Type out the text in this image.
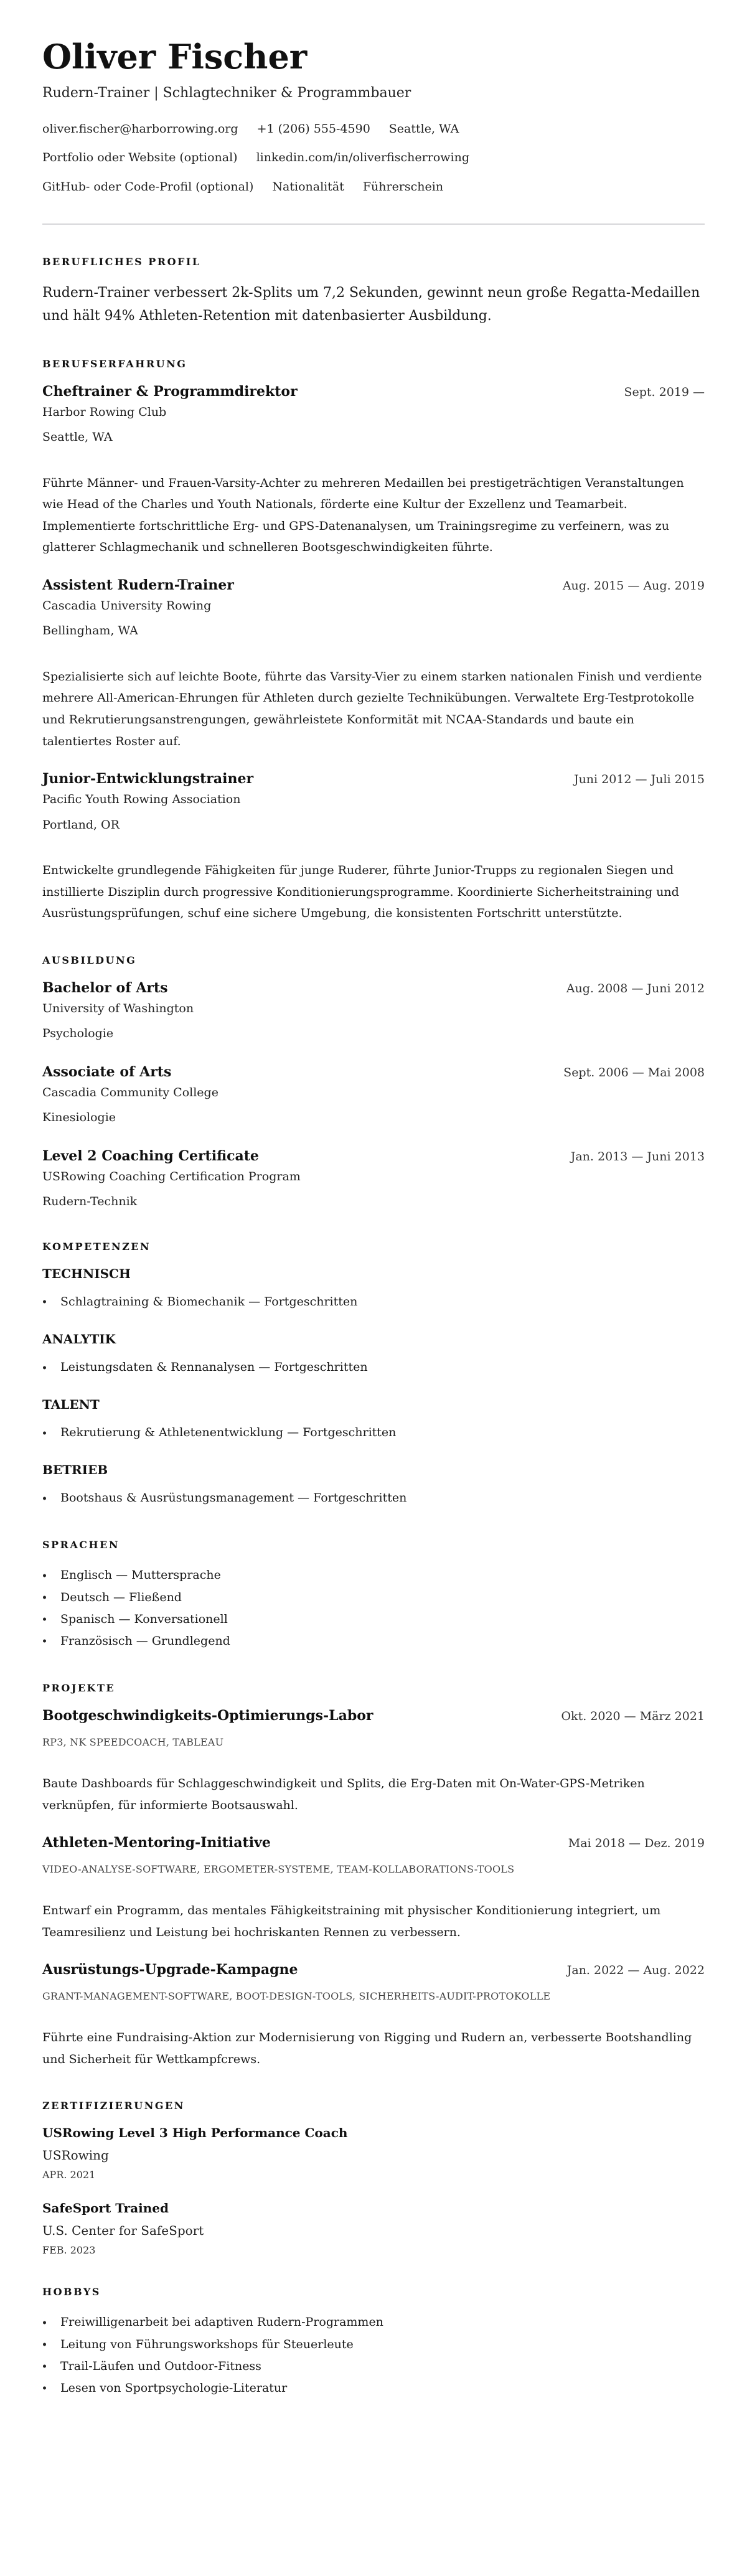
Oliver Fischer
Rudern-Trainer | Schlagtechniker & Programmbauer
oliver.fischer@harborrowing.org +1 (206) 555-4590 Seattle, WA
Portfolio oder Website (optional) linkedin.com/in/oliverfischerrowing
GitHub- oder Code-Profil (optional) Nationalität Führerschein
BERUFLICHES PROFIL

Rudern-Trainer verbessert 2k-Splits um 7,2 Sekunden, gewinnt neun große Regatta-Medaillen und hält 94% Athleten-Retention mit datenbasierter Ausbildung.

BERUFSERFAHRUNG
Cheftrainer & Programmdirektor	Sept. 2019 —
Harbor Rowing Club
Seattle, WA

Führte Männer- und Frauen-Varsity-Achter zu mehreren Medaillen bei prestigeträchtigen Veranstaltungen wie Head of the Charles und Youth Nationals, förderte eine Kultur der Exzellenz und Teamarbeit. Implementierte fortschrittliche Erg- und GPS-Datenanalysen, um Trainingsregime zu verfeinern, was zu glatterer Schlagmechanik und schnelleren Bootsgeschwindigkeiten führte.

Assistent Rudern-Trainer	Aug. 2015 — Aug. 2019
Cascadia University Rowing
Bellingham, WA

Spezialisierte sich auf leichte Boote, führte das Varsity-Vier zu einem starken nationalen Finish und verdiente mehrere All-American-Ehrungen für Athleten durch gezielte Technikübungen. Verwaltete Erg-Testprotokolle und Rekrutierungsanstrengungen, gewährleistete Konformität mit NCAA-Standards und baute ein talentiertes Roster auf.

Junior-Entwicklungstrainer	Juni 2012 — Juli 2015
Pacific Youth Rowing Association
Portland, OR

Entwickelte grundlegende Fähigkeiten für junge Ruderer, führte Junior-Trupps zu regionalen Siegen und instillierte Disziplin durch progressive Konditionierungsprogramme. Koordinierte Sicherheitstraining und Ausrüstungsprüfungen, schuf eine sichere Umgebung, die konsistenten Fortschritt unterstützte.

AUSBILDUNG
Bachelor of Arts	Aug. 2008 — Juni 2012
University of Washington
Psychologie
Associate of Arts	Sept. 2006 — Mai 2008
Cascadia Community College
Kinesiologie
Level 2 Coaching Certificate	Jan. 2013 — Juni 2013
USRowing Coaching Certification Program
Rudern-Technik
KOMPETENZEN
TECHNISCH
Schlagtraining & Biomechanik — Fortgeschritten
ANALYTIK
Leistungsdaten & Rennanalysen — Fortgeschritten
TALENT
Rekrutierung & Athletenentwicklung — Fortgeschritten
BETRIEB
Bootshaus & Ausrüstungsmanagement — Fortgeschritten
SPRACHEN
Englisch — Muttersprache
Deutsch — Fließend
Spanisch — Konversationell
Französisch — Grundlegend
PROJEKTE
Bootgeschwindigkeits-Optimierungs-Labor	Okt. 2020 — März 2021
RP3, NK SPEEDCOACH, TABLEAU

Baute Dashboards für Schlaggeschwindigkeit und Splits, die Erg-Daten mit On-Water-GPS-Metriken verknüpfen, für informierte Bootsauswahl.

Athleten-Mentoring-Initiative	Mai 2018 — Dez. 2019
VIDEO-ANALYSE-SOFTWARE, ERGOMETER-SYSTEME, TEAM-KOLLABORATIONS-TOOLS

Entwarf ein Programm, das mentales Fähigkeitstraining mit physischer Konditionierung integriert, um Teamresilienz und Leistung bei hochriskanten Rennen zu verbessern.

Ausrüstungs-Upgrade-Kampagne	Jan. 2022 — Aug. 2022
GRANT-MANAGEMENT-SOFTWARE, BOOT-DESIGN-TOOLS, SICHERHEITS-AUDIT-PROTOKOLLE

Führte eine Fundraising-Aktion zur Modernisierung von Rigging und Rudern an, verbesserte Bootshandling und Sicherheit für Wettkampfcrews.

ZERTIFIZIERUNGEN
USRowing Level 3 High Performance Coach
USRowing
APR. 2021
SafeSport Trained
U.S. Center for SafeSport
FEB. 2023
HOBBYS
Freiwilligenarbeit bei adaptiven Rudern-Programmen
Leitung von Führungsworkshops für Steuerleute
Trail-Läufen und Outdoor-Fitness
Lesen von Sportpsychologie-Literatur
